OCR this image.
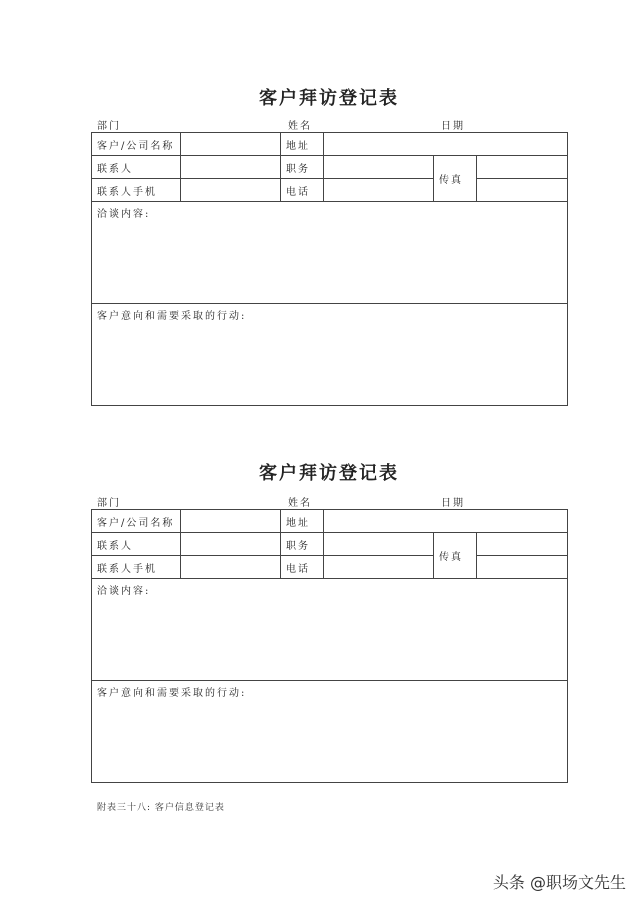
客户拜访登记表
部门	姓名	日期
客户/公司名称		地址			
联系人		职务		传真	
联系人手机		电话			
洽谈内容:					
客户意向和需要采取的行动:					
客户拜访登记表
部门	姓名	日期
客户/公司名称		地址			
联系人		职务		传真	
联系人手机		电话			
洽谈内容:					
客户意向和需要采取的行动:					
附表三十八: 客户信息登记表
头条 @职场文先生
